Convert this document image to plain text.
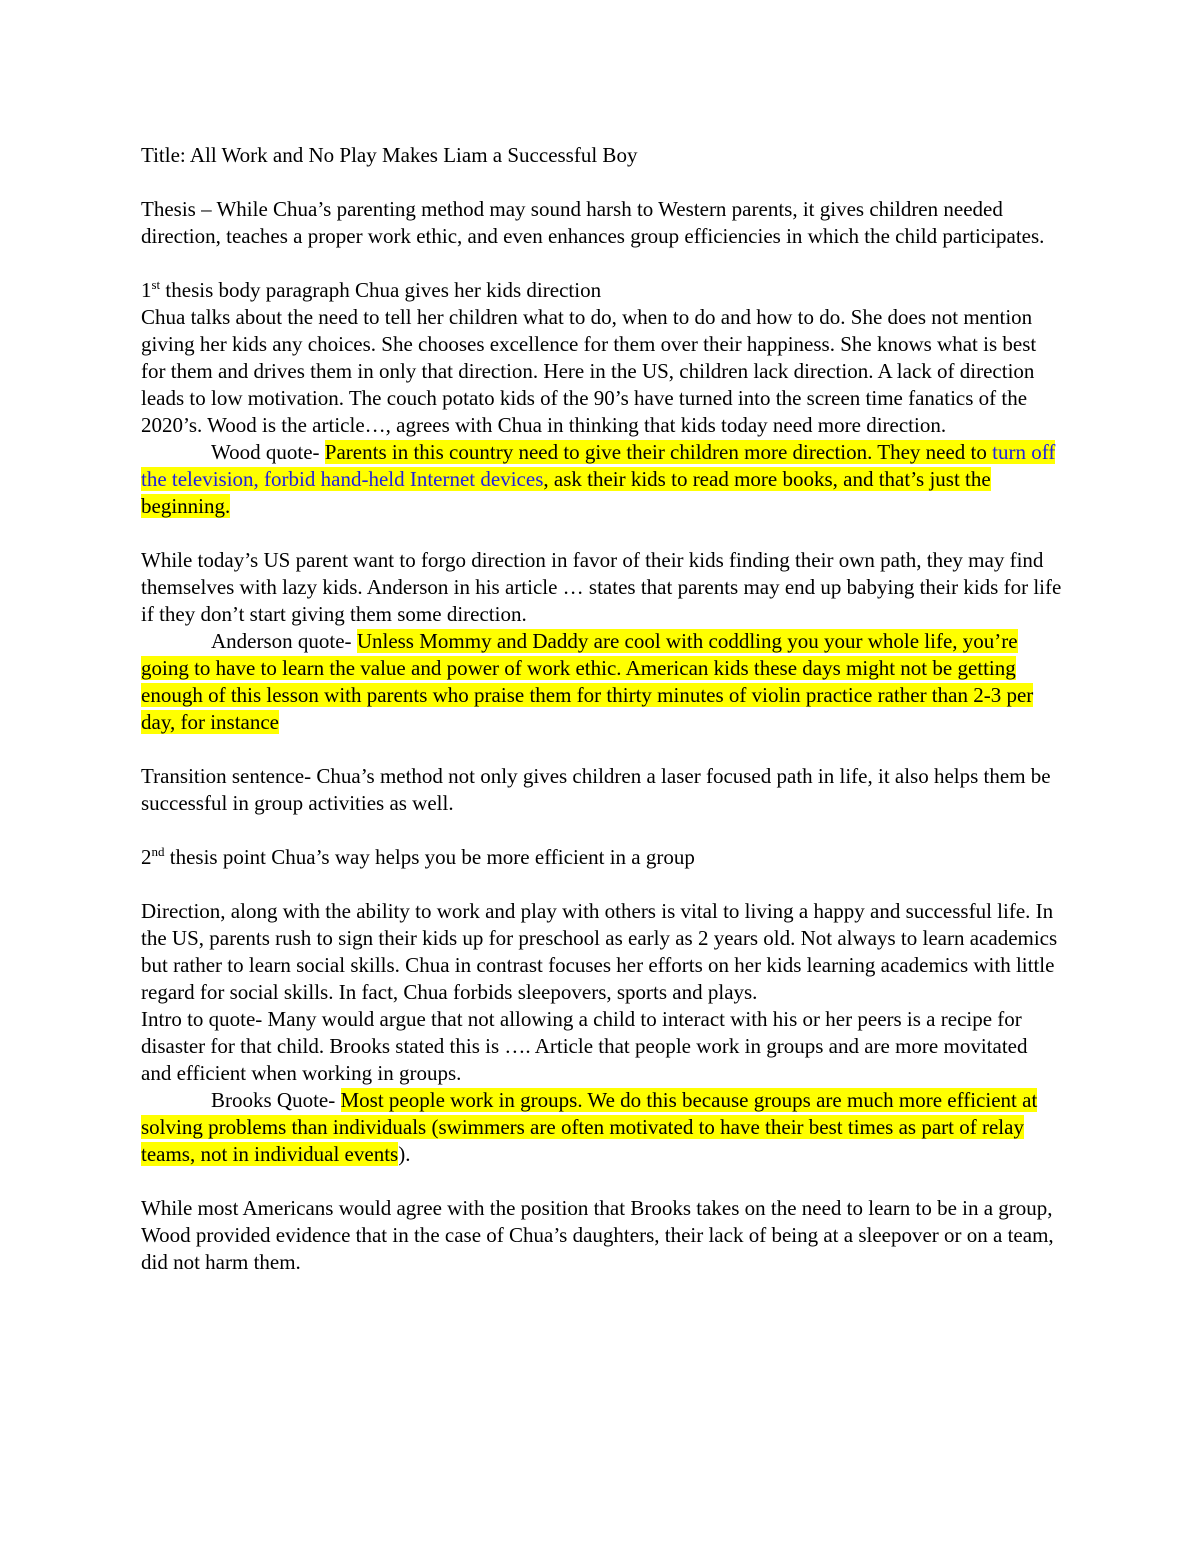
Title: All Work and No Play Makes Liam a Successful Boy

Thesis – While Chua’s parenting method may sound harsh to Western parents, it gives children needed direction, teaches a proper work ethic, and even enhances group efficiencies in which the child participates.

1st thesis body paragraph Chua gives her kids direction

Chua talks about the need to tell her children what to do, when to do and how to do. She does not mention giving her kids any choices. She chooses excellence for them over their happiness. She knows what is best for them and drives them in only that direction. Here in the US, children lack direction. A lack of direction leads to low motivation. The couch potato kids of the 90’s have turned into the screen time fanatics of the 2020’s. Wood is the article…, agrees with Chua in thinking that kids today need more direction.

Wood quote- Parents in this country need to give their children more direction. They need to turn off the television, forbid hand-held Internet devices, ask their kids to read more books, and that’s just the beginning.

While today’s US parent want to forgo direction in favor of their kids finding their own path, they may find themselves with lazy kids. Anderson in his article … states that parents may end up babying their kids for life if they don’t start giving them some direction.

Anderson quote- Unless Mommy and Daddy are cool with coddling you your whole life, you’re going to have to learn the value and power of work ethic. American kids these days might not be getting enough of this lesson with parents who praise them for thirty minutes of violin practice rather than 2-3 per day, for instance

Transition sentence- Chua’s method not only gives children a laser focused path in life, it also helps them be successful in group activities as well.

2nd thesis point Chua’s way helps you be more efficient in a group

Direction, along with the ability to work and play with others is vital to living a happy and successful life. In the US, parents rush to sign their kids up for preschool as early as 2 years old. Not always to learn academics but rather to learn social skills. Chua in contrast focuses her efforts on her kids learning academics with little regard for social skills. In fact, Chua forbids sleepovers, sports and plays.

Intro to quote- Many would argue that not allowing a child to interact with his or her peers is a recipe for disaster for that child. Brooks stated this is …. Article that people work in groups and are more movitated and efficient when working in groups.

Brooks Quote- Most people work in groups. We do this because groups are much more efficient at solving problems than individuals (swimmers are often motivated to have their best times as part of relay teams, not in individual events).

While most Americans would agree with the position that Brooks takes on the need to learn to be in a group, Wood provided evidence that in the case of Chua’s daughters, their lack of being at a sleepover or on a team, did not harm them.
